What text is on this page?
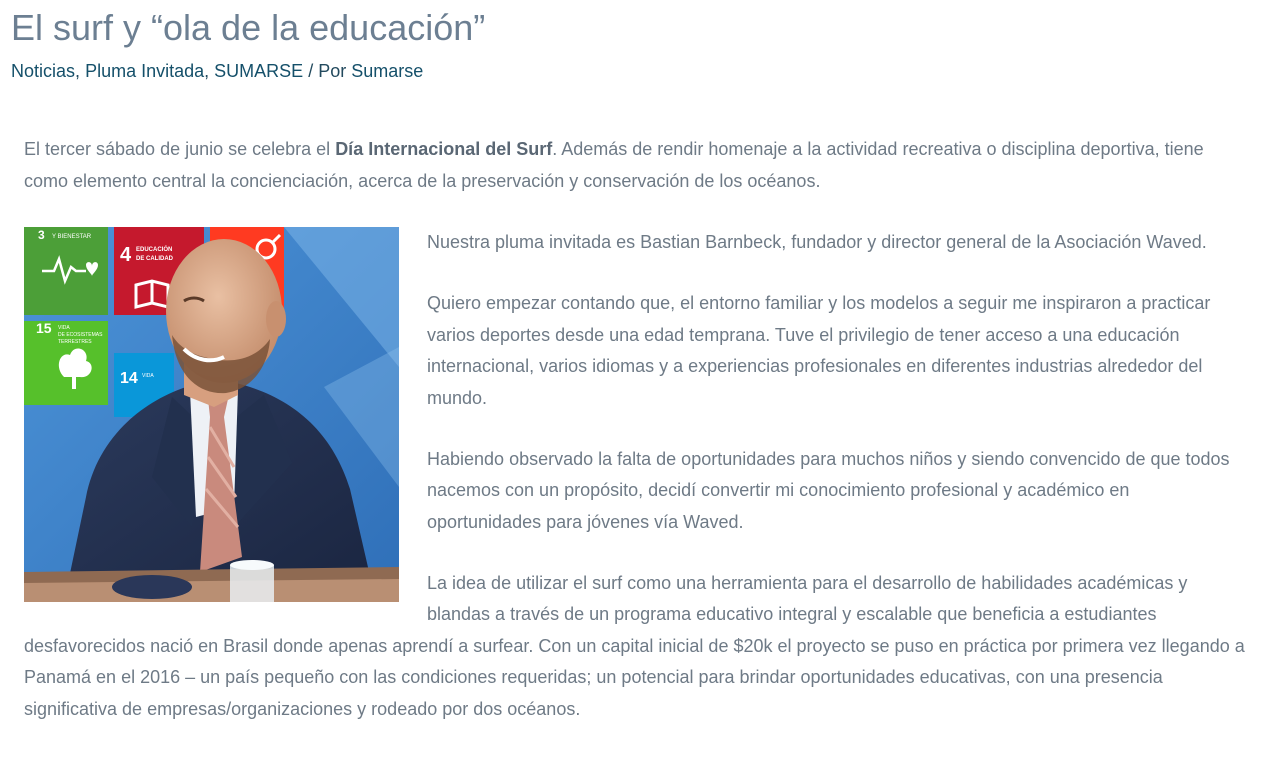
El surf y “ola de la educación”
Noticias, Pluma Invitada, SUMARSE / Por Sumarse

El tercer sábado de junio se celebra el Día Internacional del Surf. Además de rendir homenaje a la actividad recreativa o disciplina deportiva, tiene como elemento central la concienciación, acerca de la preservación y conservación de los océanos.

3 Y BIENESTAR
4 EDUCACIÓN
DE CALIDAD
15 VIDA
DE ECOSISTEMAS
TERRESTRES
14 VIDA

Nuestra pluma invitada es Bastian Barnbeck, fundador y director general de la Asociación Waved.

Quiero empezar contando que, el entorno familiar y los modelos a seguir me inspiraron a practicar varios deportes desde una edad temprana. Tuve el privilegio de tener acceso a una educación internacional, varios idiomas y a experiencias profesionales en diferentes industrias alrededor del mundo.

Habiendo observado la falta de oportunidades para muchos niños y siendo convencido de que todos nacemos con un propósito, decidí convertir mi conocimiento profesional y académico en oportunidades para jóvenes vía Waved.

La idea de utilizar el surf como una herramienta para el desarrollo de habilidades académicas y blandas a través de un programa educativo integral y escalable que beneficia a estudiantes desfavorecidos nació en Brasil donde apenas aprendí a surfear. Con un capital inicial de $20k el proyecto se puso en práctica por primera vez llegando a Panamá en el 2016 – un país pequeño con las condiciones requeridas; un potencial para brindar oportunidades educativas, con una presencia significativa de empresas/organizaciones y rodeado por dos océanos.
